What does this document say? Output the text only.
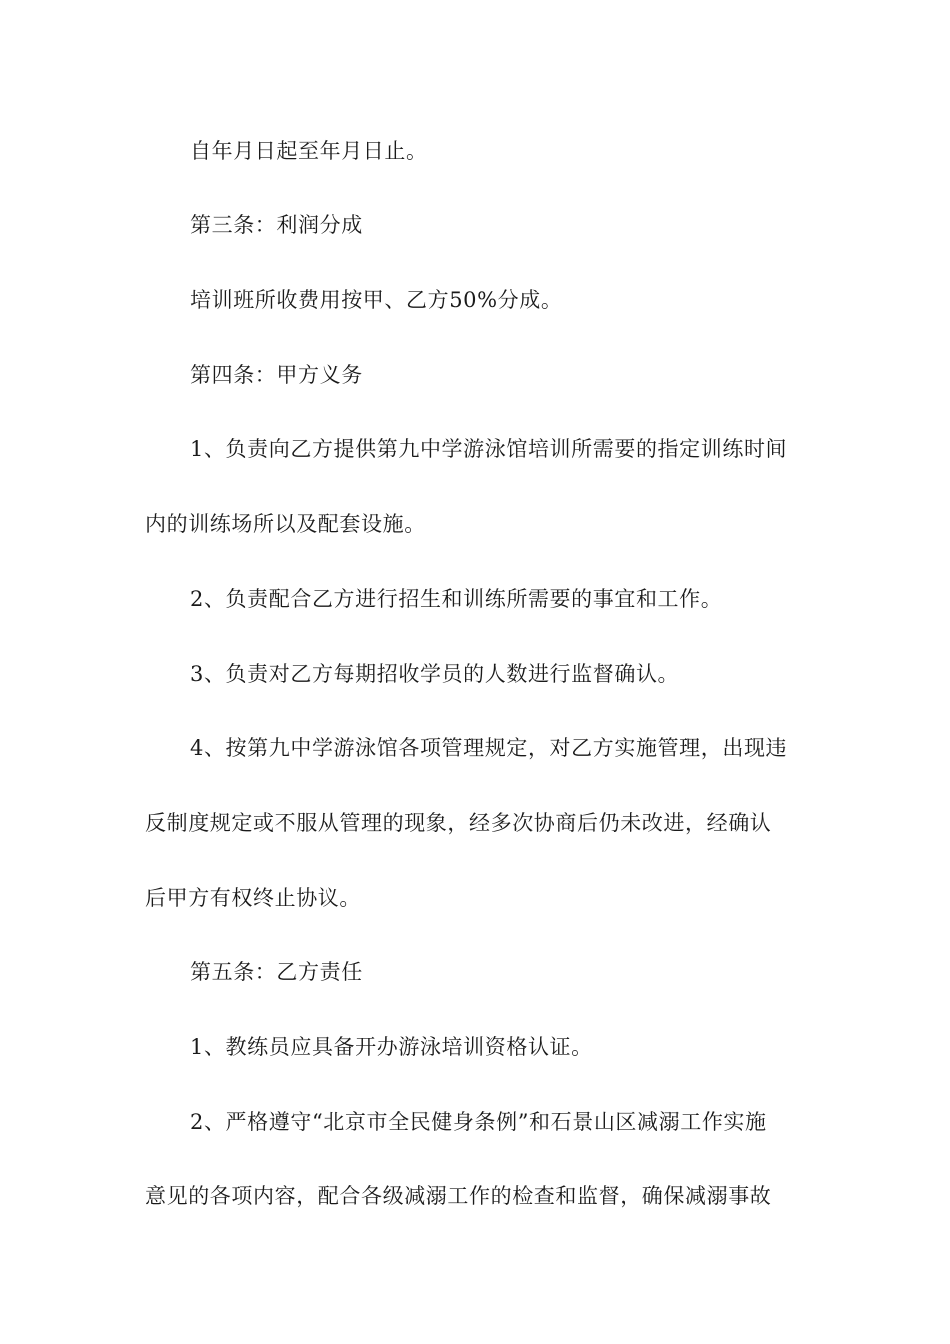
自年月日起至年月日止。

第三条：利润分成

培训班所收费用按甲、乙方50%分成。

第四条：甲方义务

1、负责向乙方提供第九中学游泳馆培训所需要的指定训练时间

内的训练场所以及配套设施。

2、负责配合乙方进行招生和训练所需要的事宜和工作。

3、负责对乙方每期招收学员的人数进行监督确认。

4、按第九中学游泳馆各项管理规定，对乙方实施管理，出现违

反制度规定或不服从管理的现象，经多次协商后仍未改进，经确认

后甲方有权终止协议。

第五条：乙方责任

1、教练员应具备开办游泳培训资格认证。

2、严格遵守“北京市全民健身条例”和石景山区减溺工作实施

意见的各项内容，配合各级减溺工作的检查和监督，确保减溺事故
